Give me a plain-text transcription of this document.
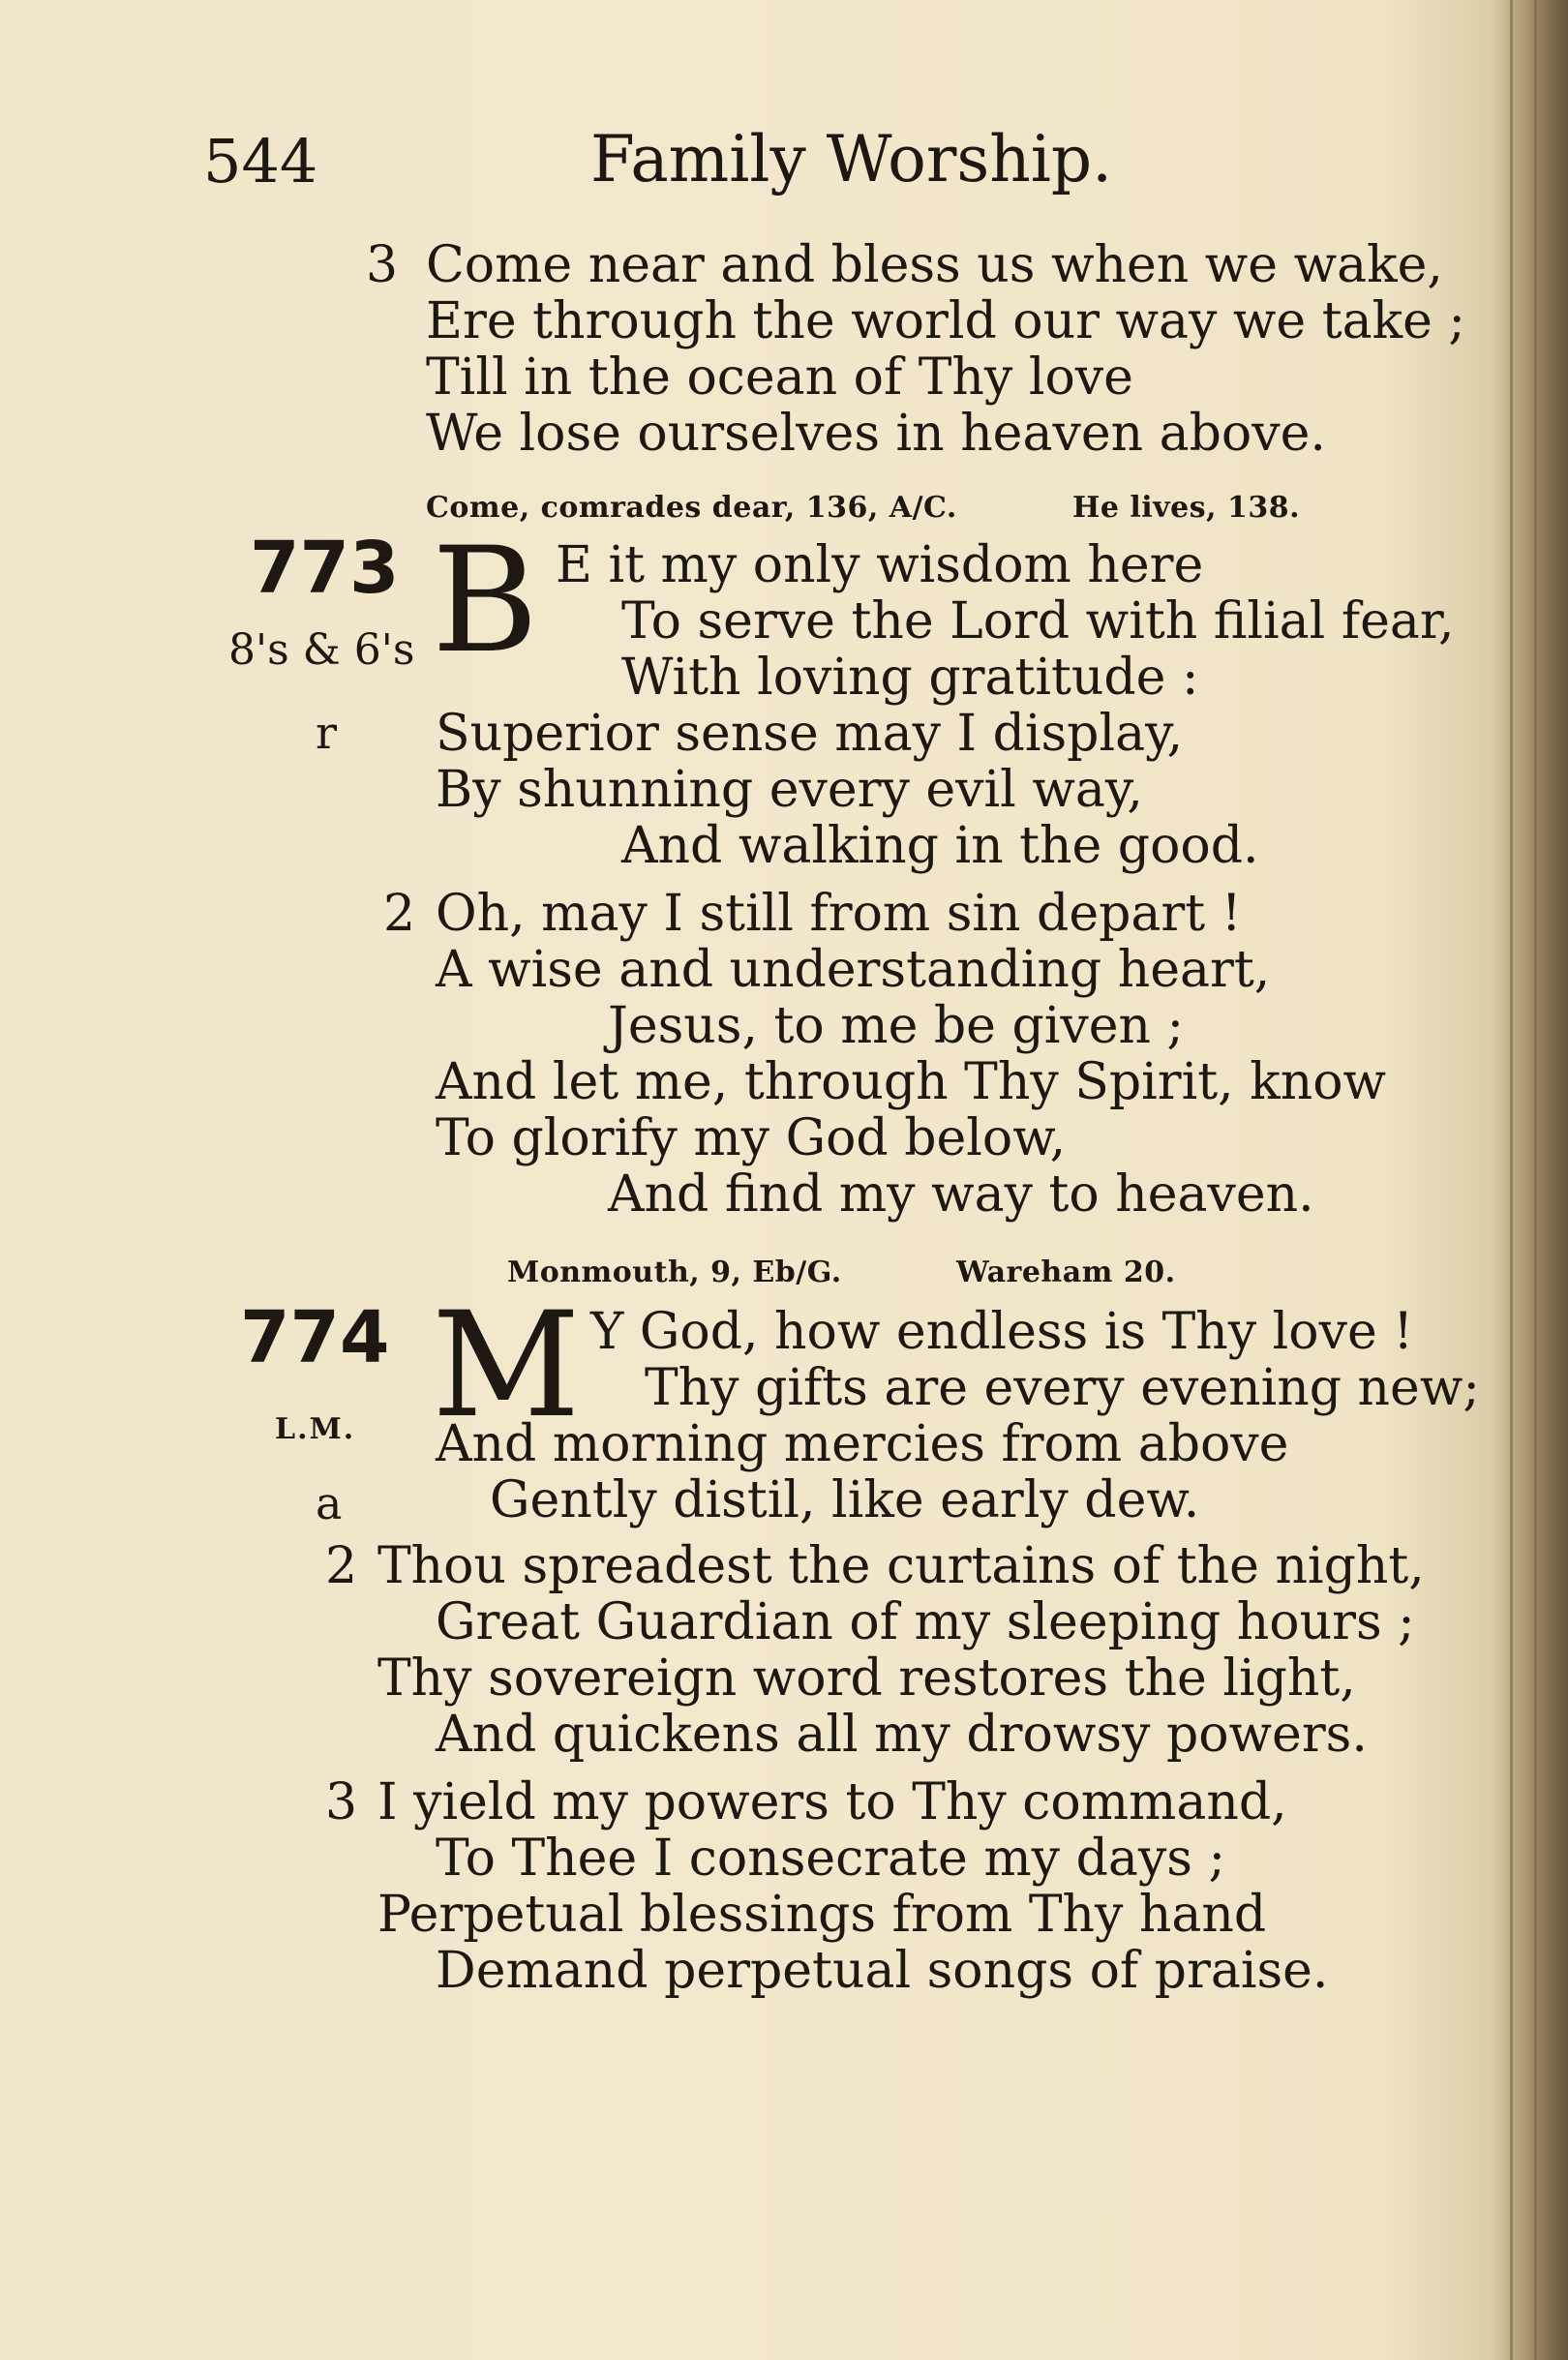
544	Family Worship.
3 Come near and bless us when we wake,
Ere through the world our way we take ;
Till in the ocean of Thy love
We lose ourselves in heaven above.
Come, comrades dear, 136, A/C.	He lives, 138.
773
8's & 6's
r
B E it my only wisdom here
To serve the Lord with filial fear,
With loving gratitude :
Superior sense may I display,
By shunning every evil way,
And walking in the good.
2 Oh, may I still from sin depart !
A wise and understanding heart,
Jesus, to me be given ;
And let me, through Thy Spirit, know
To glorify my God below,
And find my way to heaven.
Monmouth, 9, Eb/G.	Wareham 20.
774
L.M.
a
M Y God, how endless is Thy love !
Thy gifts are every evening new;
And morning mercies from above
Gently distil, like early dew.
2 Thou spreadest the curtains of the night,
Great Guardian of my sleeping hours ;
Thy sovereign word restores the light,
And quickens all my drowsy powers.
3 I yield my powers to Thy command,
To Thee I consecrate my days ;
Perpetual blessings from Thy hand
Demand perpetual songs of praise.
